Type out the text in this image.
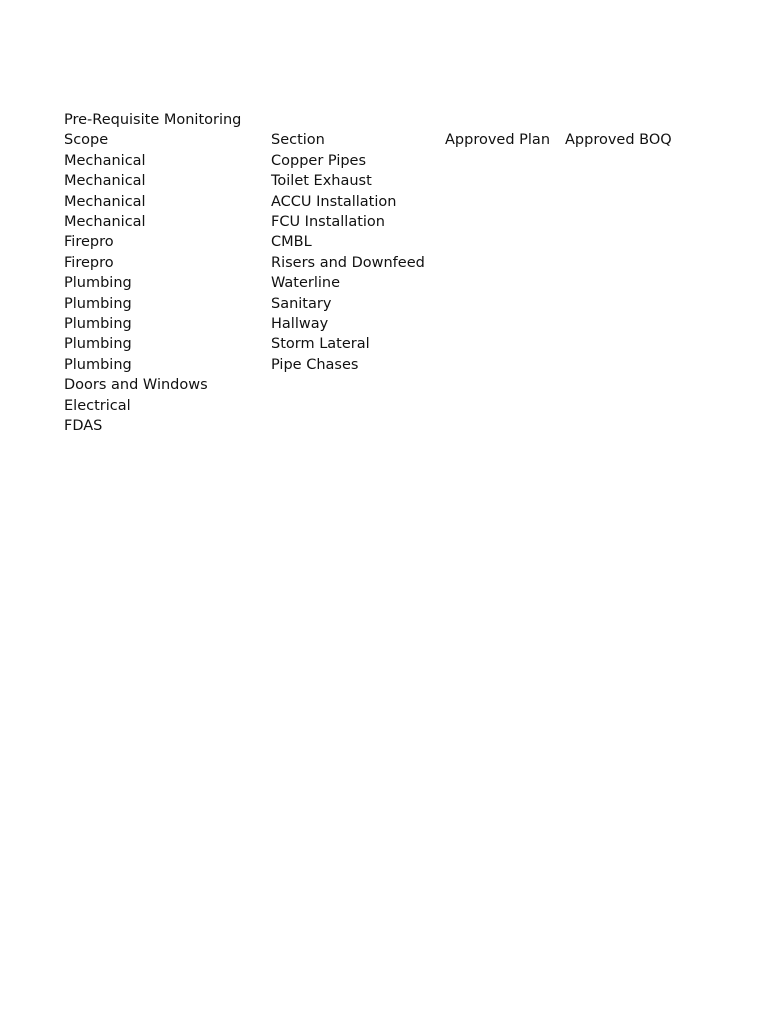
Pre-Requisite Monitoring
Scope	Section	Approved Plan	Approved BOQ
Mechanical	Copper Pipes		
Mechanical	Toilet Exhaust		
Mechanical	ACCU Installation		
Mechanical	FCU Installation		
Firepro	CMBL		
Firepro	Risers and Downfeed		
Plumbing	Waterline		
Plumbing	Sanitary		
Plumbing	Hallway		
Plumbing	Storm Lateral		
Plumbing	Pipe Chases		
Doors and Windows			
Electrical			
FDAS			
